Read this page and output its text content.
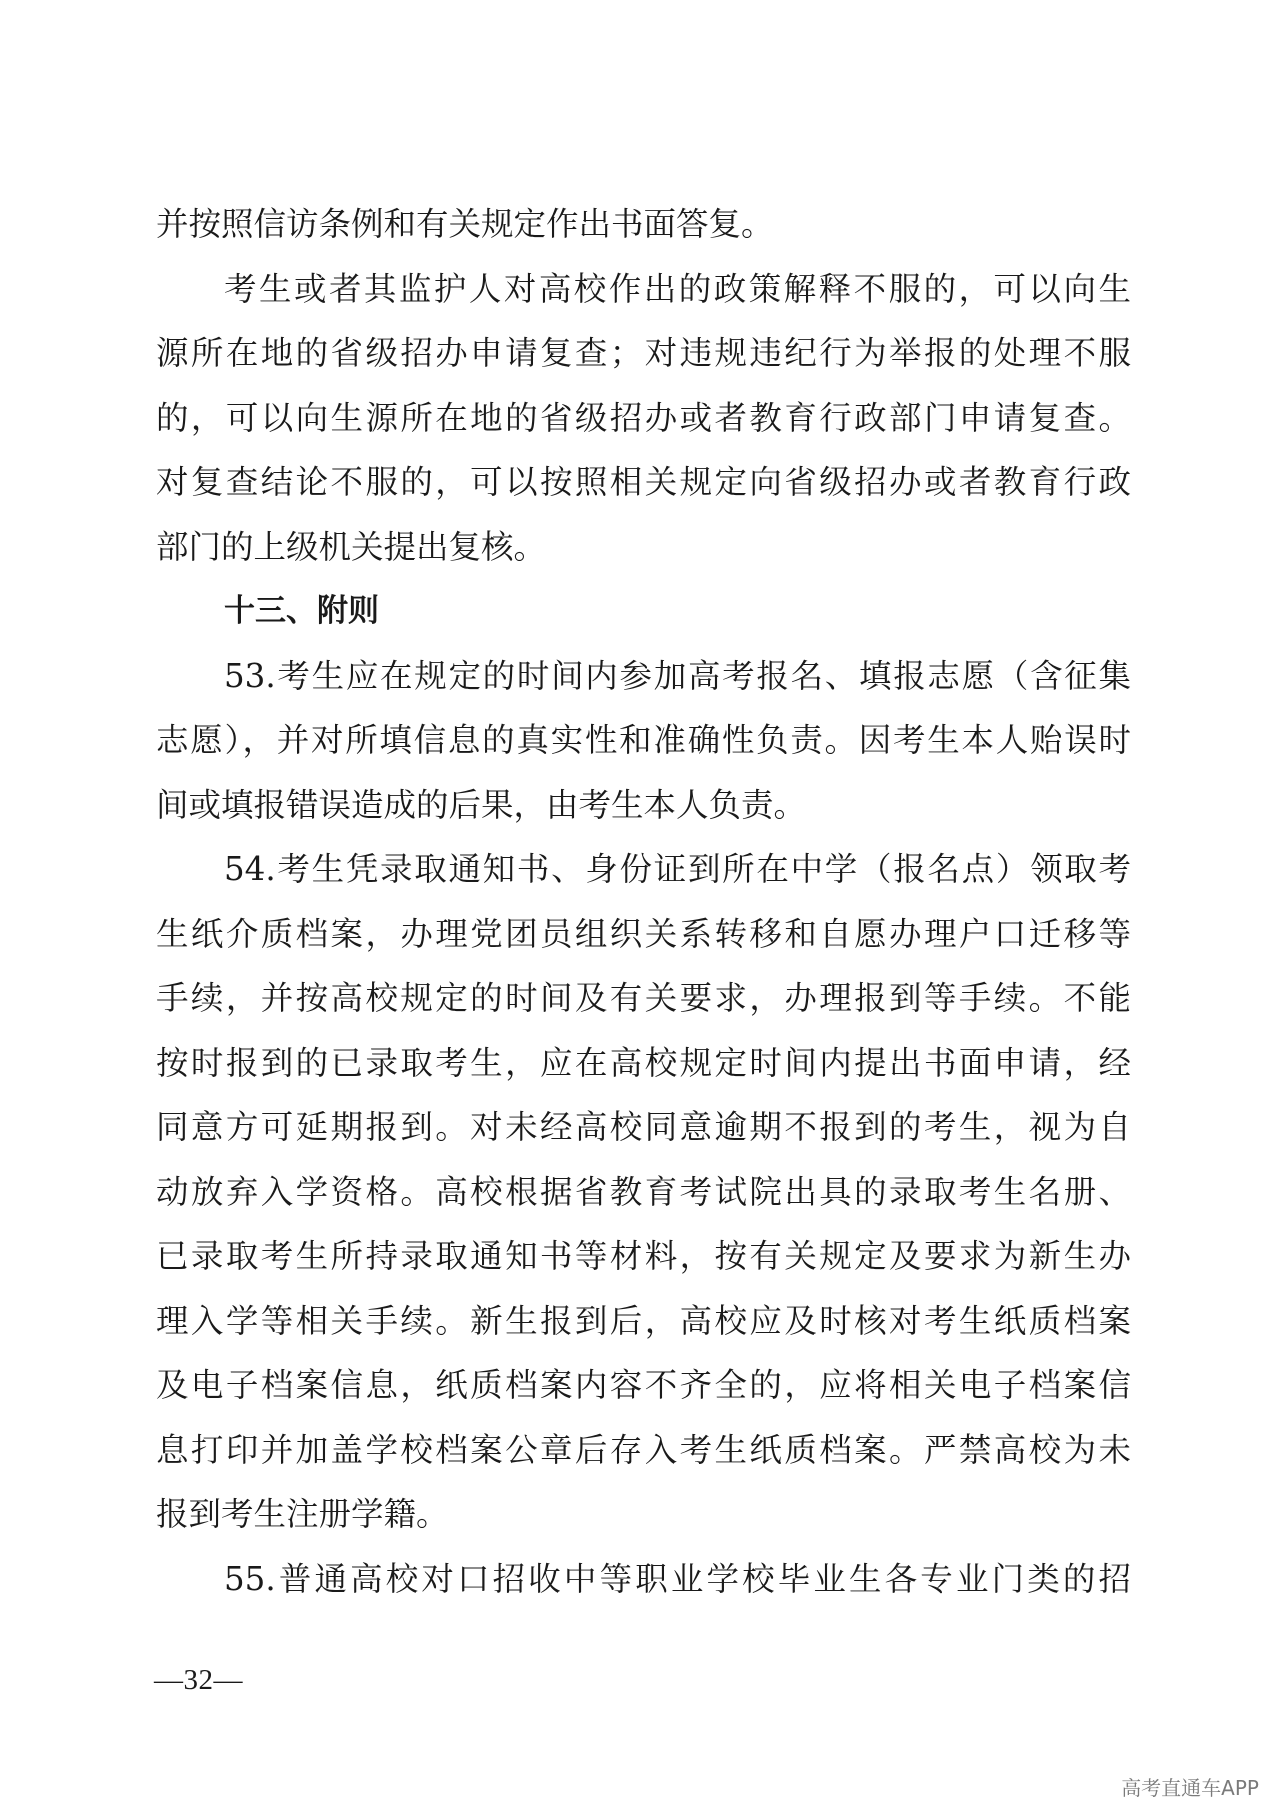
并按照信访条例和有关规定作出书面答复。
考生或者其监护人对高校作出的政策解释不服的，可以向生
源所在地的省级招办申请复查；对违规违纪行为举报的处理不服
的，可以向生源所在地的省级招办或者教育行政部门申请复查。
对复查结论不服的，可以按照相关规定向省级招办或者教育行政
部门的上级机关提出复核。
十三、附则
53.考生应在规定的时间内参加高考报名、填报志愿（含征集
志愿），并对所填信息的真实性和准确性负责。因考生本人贻误时
间或填报错误造成的后果，由考生本人负责。
54.考生凭录取通知书、身份证到所在中学（报名点）领取考
生纸介质档案，办理党团员组织关系转移和自愿办理户口迁移等
手续，并按高校规定的时间及有关要求，办理报到等手续。不能
按时报到的已录取考生，应在高校规定时间内提出书面申请，经
同意方可延期报到。对未经高校同意逾期不报到的考生，视为自
动放弃入学资格。高校根据省教育考试院出具的录取考生名册、
已录取考生所持录取通知书等材料，按有关规定及要求为新生办
理入学等相关手续。新生报到后，高校应及时核对考生纸质档案
及电子档案信息，纸质档案内容不齐全的，应将相关电子档案信
息打印并加盖学校档案公章后存入考生纸质档案。严禁高校为未
报到考生注册学籍。
55.普通高校对口招收中等职业学校毕业生各专业门类的招
—32—
高考直通车APP
